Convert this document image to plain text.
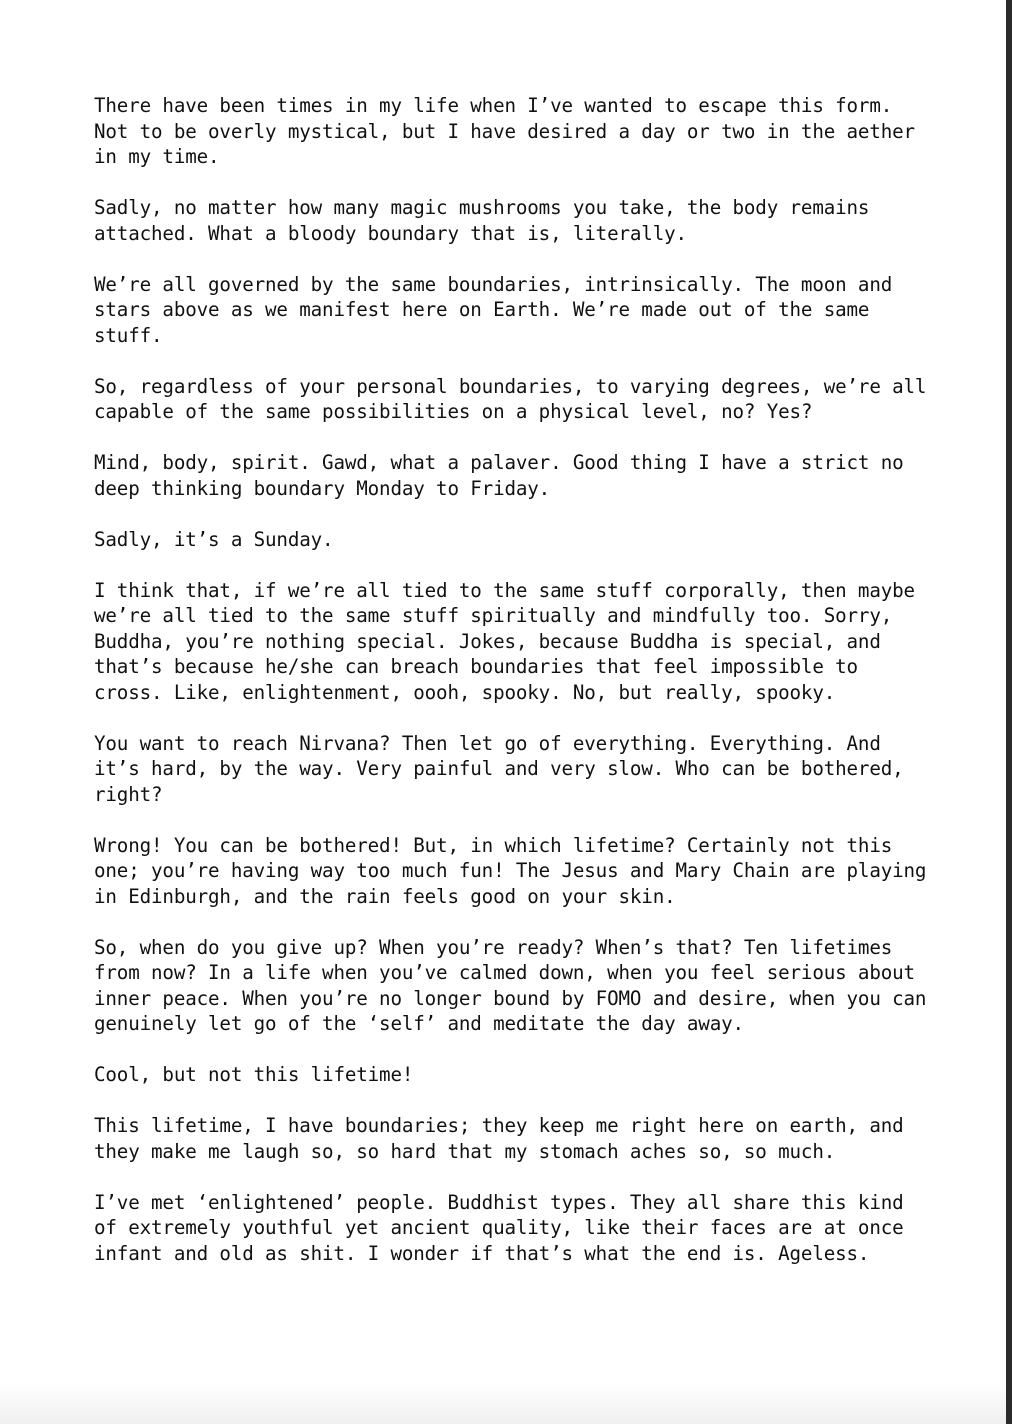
There have been times in my life when I’ve wanted to escape this form.
Not to be overly mystical, but I have desired a day or two in the aether
in my time.

Sadly, no matter how many magic mushrooms you take, the body remains
attached. What a bloody boundary that is, literally.

We’re all governed by the same boundaries, intrinsically. The moon and
stars above as we manifest here on Earth. We’re made out of the same
stuff.

So, regardless of your personal boundaries, to varying degrees, we’re all
capable of the same possibilities on a physical level, no? Yes?

Mind, body, spirit. Gawd, what a palaver. Good thing I have a strict no
deep thinking boundary Monday to Friday.

Sadly, it’s a Sunday.

I think that, if we’re all tied to the same stuff corporally, then maybe
we’re all tied to the same stuff spiritually and mindfully too. Sorry,
Buddha, you’re nothing special. Jokes, because Buddha is special, and
that’s because he/she can breach boundaries that feel impossible to
cross. Like, enlightenment, oooh, spooky. No, but really, spooky.

You want to reach Nirvana? Then let go of everything. Everything. And
it’s hard, by the way. Very painful and very slow. Who can be bothered,
right?

Wrong! You can be bothered! But, in which lifetime? Certainly not this
one; you’re having way too much fun! The Jesus and Mary Chain are playing
in Edinburgh, and the rain feels good on your skin.

So, when do you give up? When you’re ready? When’s that? Ten lifetimes
from now? In a life when you’ve calmed down, when you feel serious about
inner peace. When you’re no longer bound by FOMO and desire, when you can
genuinely let go of the ‘self’ and meditate the day away.

Cool, but not this lifetime!

This lifetime, I have boundaries; they keep me right here on earth, and
they make me laugh so, so hard that my stomach aches so, so much.

I’ve met ‘enlightened’ people. Buddhist types. They all share this kind
of extremely youthful yet ancient quality, like their faces are at once
infant and old as shit. I wonder if that’s what the end is. Ageless.
